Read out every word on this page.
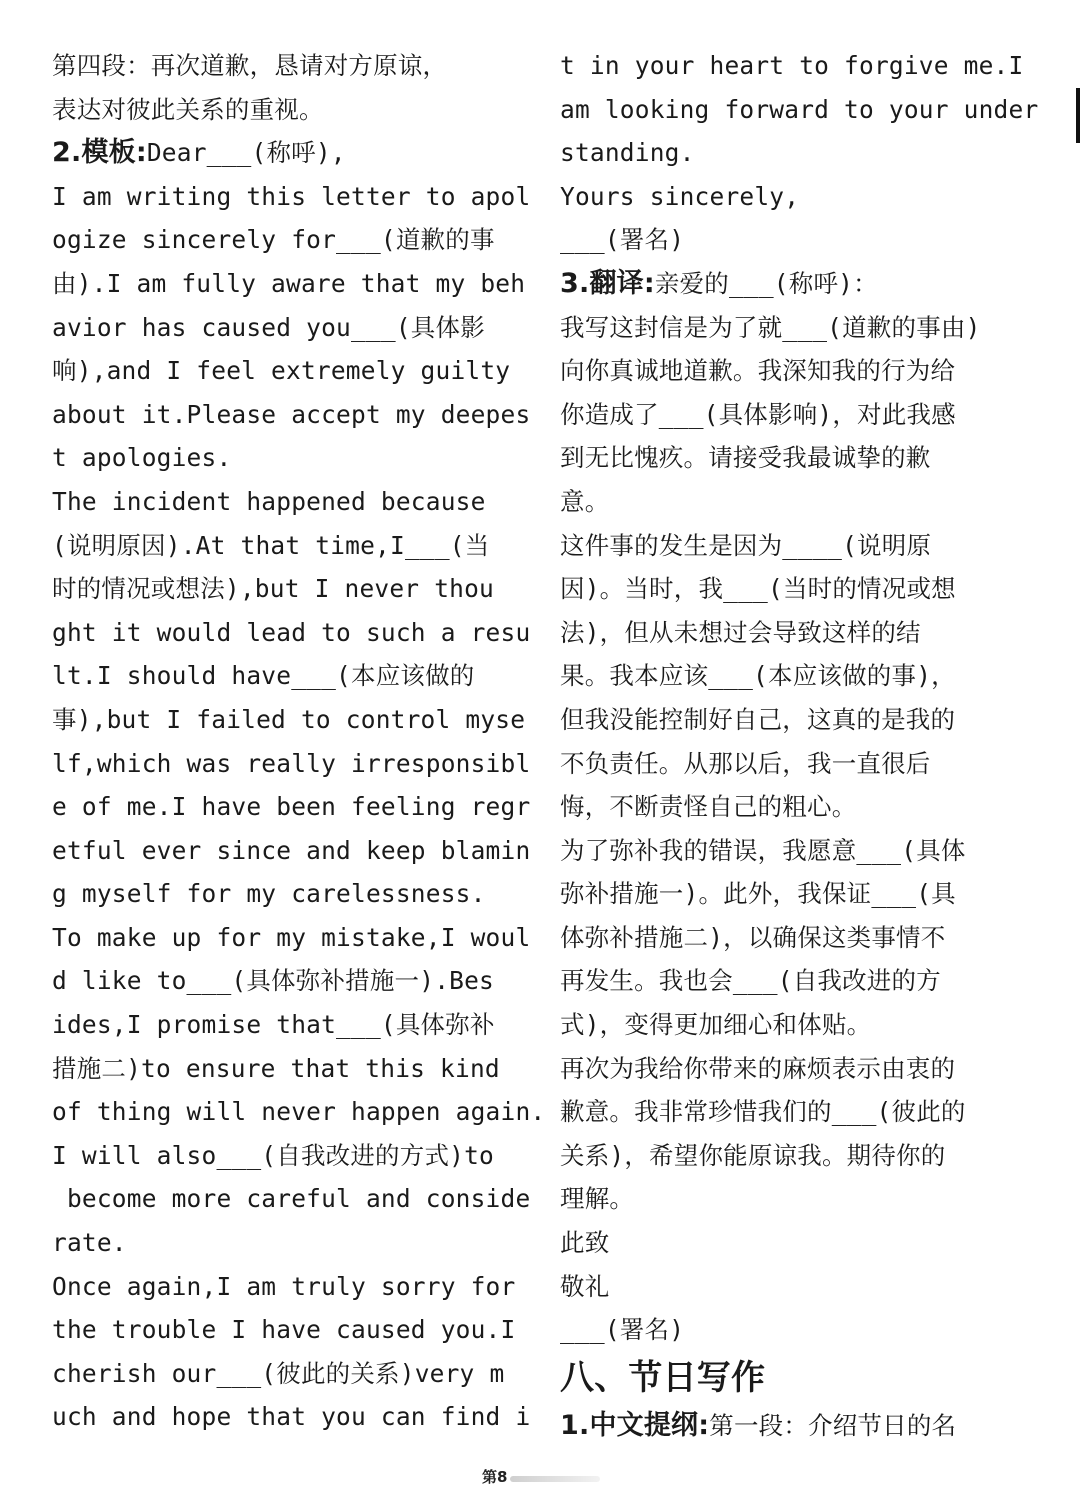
第四段：再次道歉，恳请对方原谅，
表达对彼此关系的重视。
2.模板:Dear___(称呼),
I am writing this letter to apol
ogize sincerely for___(道歉的事
由).I am fully aware that my beh
avior has caused you___(具体影
响),and I feel extremely guilty
about it.Please accept my deepes
t apologies.
The incident happened because
(说明原因).At that time,I___(当
时的情况或想法),but I never thou
ght it would lead to such a resu
lt.I should have___(本应该做的
事),but I failed to control myse
lf,which was really irresponsibl
e of me.I have been feeling regr
etful ever since and keep blamin
g myself for my carelessness.
To make up for my mistake,I woul
d like to___(具体弥补措施一).Bes
ides,I promise that___(具体弥补
措施二)to ensure that this kind
of thing will never happen again.
I will also___(自我改进的方式)to
become more careful and conside
rate.
Once again,I am truly sorry for
the trouble I have caused you.I
cherish our___(彼此的关系)very m
uch and hope that you can find i
t in your heart to forgive me.I
am looking forward to your under
standing.
Yours sincerely,
___(署名)
3.翻译:亲爱的___(称呼)：
我写这封信是为了就___(道歉的事由)
向你真诚地道歉。我深知我的行为给
你造成了___(具体影响)，对此我感
到无比愧疚。请接受我最诚挚的歉
意。
这件事的发生是因为____(说明原
因)。当时，我___(当时的情况或想
法)，但从未想过会导致这样的结
果。我本应该___(本应该做的事)，
但我没能控制好自己，这真的是我的
不负责任。从那以后，我一直很后
悔，不断责怪自己的粗心。
为了弥补我的错误，我愿意___(具体
弥补措施一)。此外，我保证___(具
体弥补措施二)，以确保这类事情不
再发生。我也会___(自我改进的方
式)，变得更加细心和体贴。
再次为我给你带来的麻烦表示由衷的
歉意。我非常珍惜我们的___(彼此的
关系)，希望你能原谅我。期待你的
理解。
此致
敬礼
___(署名)
八、节日写作
1.中文提纲:第一段：介绍节日的名
第8
